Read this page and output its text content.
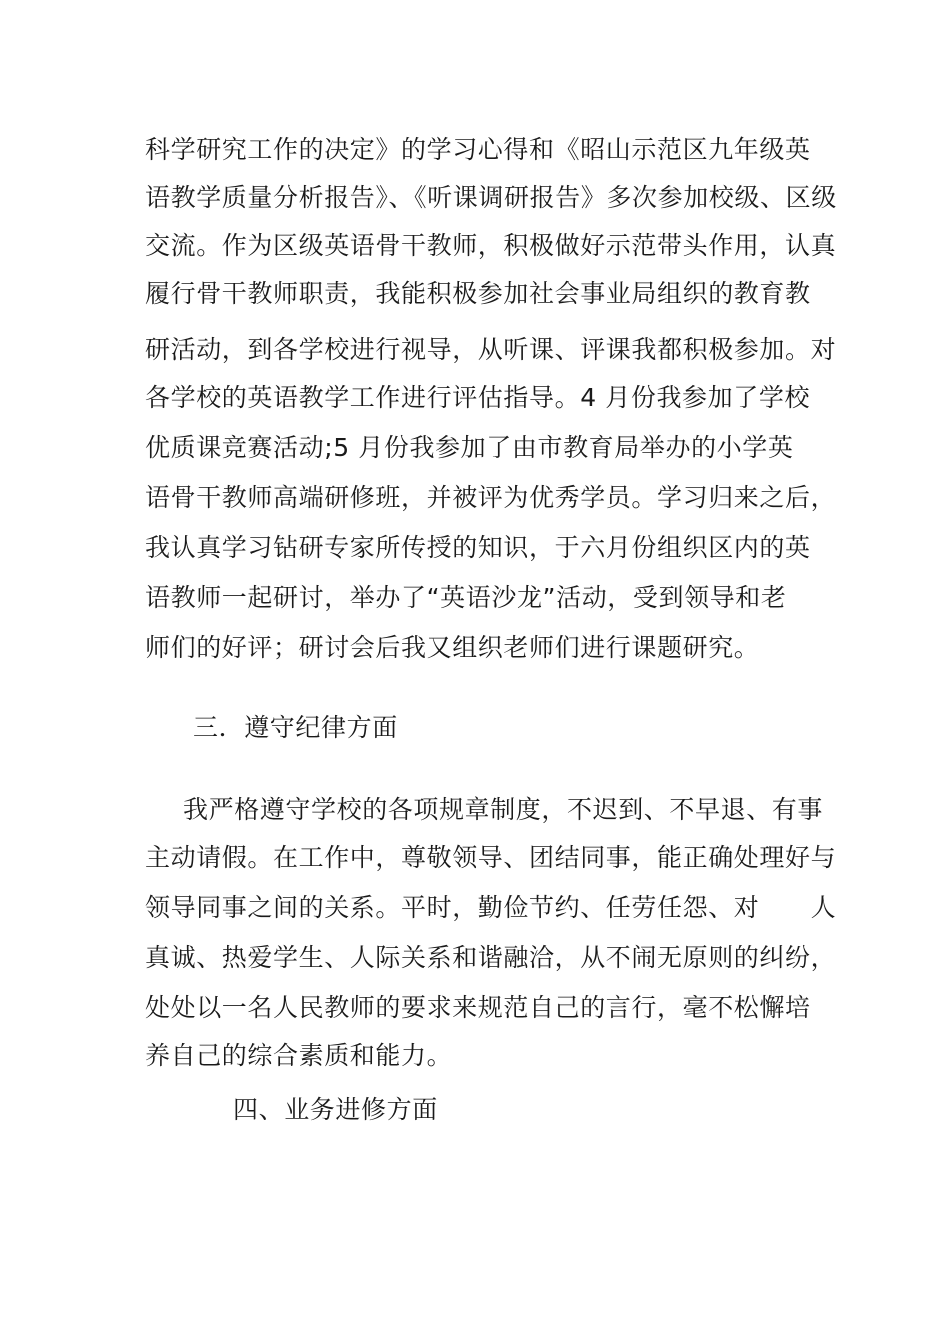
科学研究工作的决定》的学习心得和《昭山示范区九年级英
语教学质量分析报告》、《听课调研报告》多次参加校级、区级
交流。作为区级英语骨干教师，积极做好示范带头作用，认真
履行骨干教师职责，我能积极参加社会事业局组织的教育教
研活动，到各学校进行视导，从听课、评课我都积极参加。对
各学校的英语教学工作进行评估指导。4 月份我参加了学校
优质课竞赛活动;5 月份我参加了由市教育局举办的小学英
语骨干教师高端研修班，并被评为优秀学员。学习归来之后，
我认真学习钻研专家所传授的知识，于六月份组织区内的英
语教师一起研讨，举办了“英语沙龙”活动，受到领导和老
师们的好评；研讨会后我又组织老师们进行课题研究。
三．遵守纪律方面
我严格遵守学校的各项规章制度，不迟到、不早退、有事
主动请假。在工作中，尊敬领导、团结同事，能正确处理好与
领导同事之间的关系。平时，勤俭节约、任劳任怨、对　　人
真诚、热爱学生、人际关系和谐融洽，从不闹无原则的纠纷，
处处以一名人民教师的要求来规范自己的言行，毫不松懈培
养自己的综合素质和能力。
四、业务进修方面
